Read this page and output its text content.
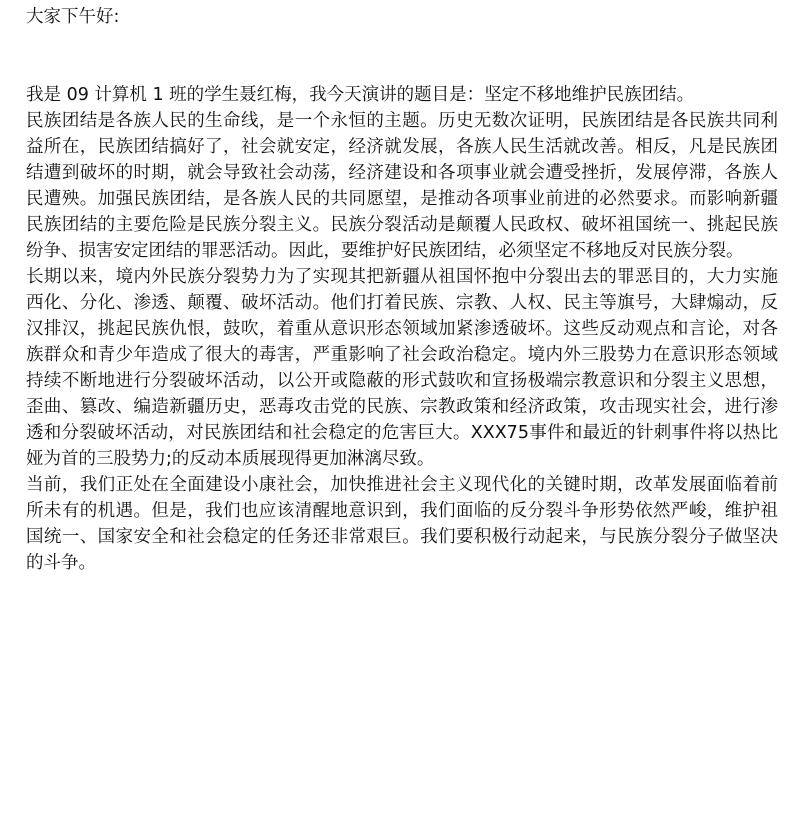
大家下午好:

我是 09 计算机 1 班的学生聂红梅，我今天演讲的题目是：坚定不移地维护民族团结。

民族团结是各族人民的生命线，是一个永恒的主题。历史无数次证明，民族团结是各民族共同利益所在，民族团结搞好了，社会就安定，经济就发展，各族人民生活就改善。相反，凡是民族团结遭到破坏的时期，就会导致社会动荡，经济建设和各项事业就会遭受挫折，发展停滞，各族人民遭殃。加强民族团结，是各族人民的共同愿望，是推动各项事业前进的必然要求。而影响新疆民族团结的主要危险是民族分裂主义。民族分裂活动是颠覆人民政权、破坏祖国统一、挑起民族纷争、损害安定团结的罪恶活动。因此，要维护好民族团结，必须坚定不移地反对民族分裂。

长期以来，境内外民族分裂势力为了实现其把新疆从祖国怀抱中分裂出去的罪恶目的，大力实施西化、分化、渗透、颠覆、破坏活动。他们打着民族、宗教、人权、民主等旗号，大肆煽动，反汉排汉，挑起民族仇恨，鼓吹，着重从意识形态领域加紧渗透破坏。这些反动观点和言论，对各族群众和青少年造成了很大的毒害，严重影响了社会政治稳定。境内外三股势力在意识形态领域持续不断地进行分裂破坏活动，以公开或隐蔽的形式鼓吹和宣扬极端宗教意识和分裂主义思想，歪曲、篡改、编造新疆历史，恶毒攻击党的民族、宗教政策和经济政策，攻击现实社会，进行渗透和分裂破坏活动，对民族团结和社会稳定的危害巨大。XXX75事件和最近的针刺事件将以热比娅为首的三股势力;的反动本质展现得更加淋漓尽致。

当前，我们正处在全面建设小康社会，加快推进社会主义现代化的关键时期，改革发展面临着前所未有的机遇。但是，我们也应该清醒地意识到，我们面临的反分裂斗争形势依然严峻，维护祖国统一、国家安全和社会稳定的任务还非常艰巨。我们要积极行动起来，与民族分裂分子做坚决的斗争。
